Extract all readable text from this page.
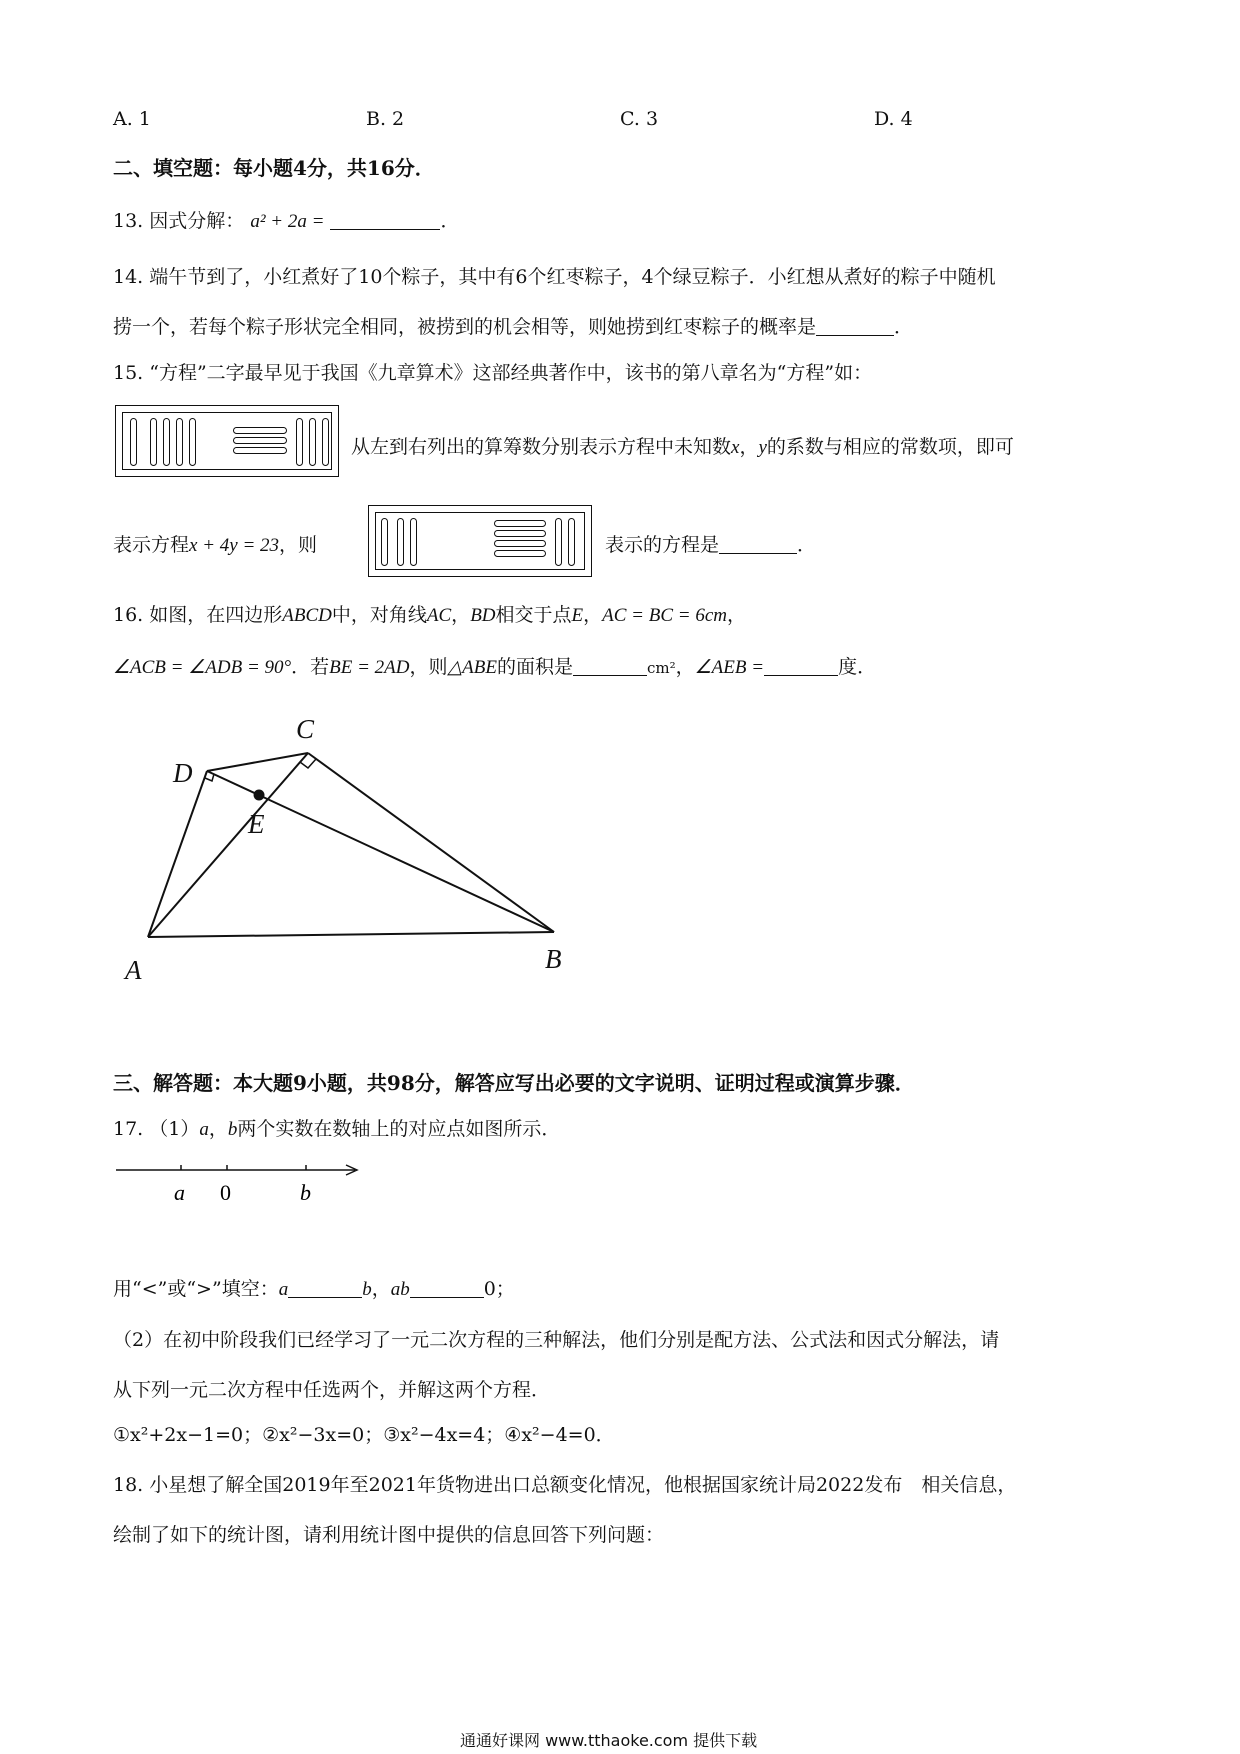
A. 1	B. 2	C. 3	D. 4
二、填空题：每小题4分，共16分．
13. 因式分解： a² + 2a =	．
14. 端午节到了，小红煮好了10个粽子，其中有6个红枣粽子，4个绿豆粽子．小红想从煮好的粽子中随机
捞一个，若每个粽子形状完全相同，被捞到的机会相等，则她捞到红枣粽子的概率是	．
15. “方程”二字最早见于我国《九章算术》这部经典著作中，该书的第八章名为“方程”如：
从左到右列出的算筹数分别表示方程中未知数x，y的系数与相应的常数项，即可
表示方程x + 4y = 23，则	表示的方程是	．
16. 如图，在四边形ABCD中，对角线AC，BD相交于点E，AC = BC = 6cm，
∠ACB = ∠ADB = 90°．若BE = 2AD，则△ABE的面积是	cm²，∠AEB =	度．
A	B
C
D
E
三、解答题：本大题9小题，共98分，解答应写出必要的文字说明、证明过程或演算步骤．
17. （1）a，b两个实数在数轴上的对应点如图所示．
a 0	b
用“<”或“>”填空：a	b，ab	0；
（2）在初中阶段我们已经学习了一元二次方程的三种解法，他们分别是配方法、公式法和因式分解法，请
从下列一元二次方程中任选两个，并解这两个方程．
①x²+2x−1=0；②x²−3x=0；③x²−4x=4；④x²−4=0．
18. 小星想了解全国2019年至2021年货物进出口总额变化情况，他根据国家统计局2022发布　相关信息，
绘制了如下的统计图，请利用统计图中提供的信息回答下列问题：
通通好课网 www.tthaoke.com 提供下载
